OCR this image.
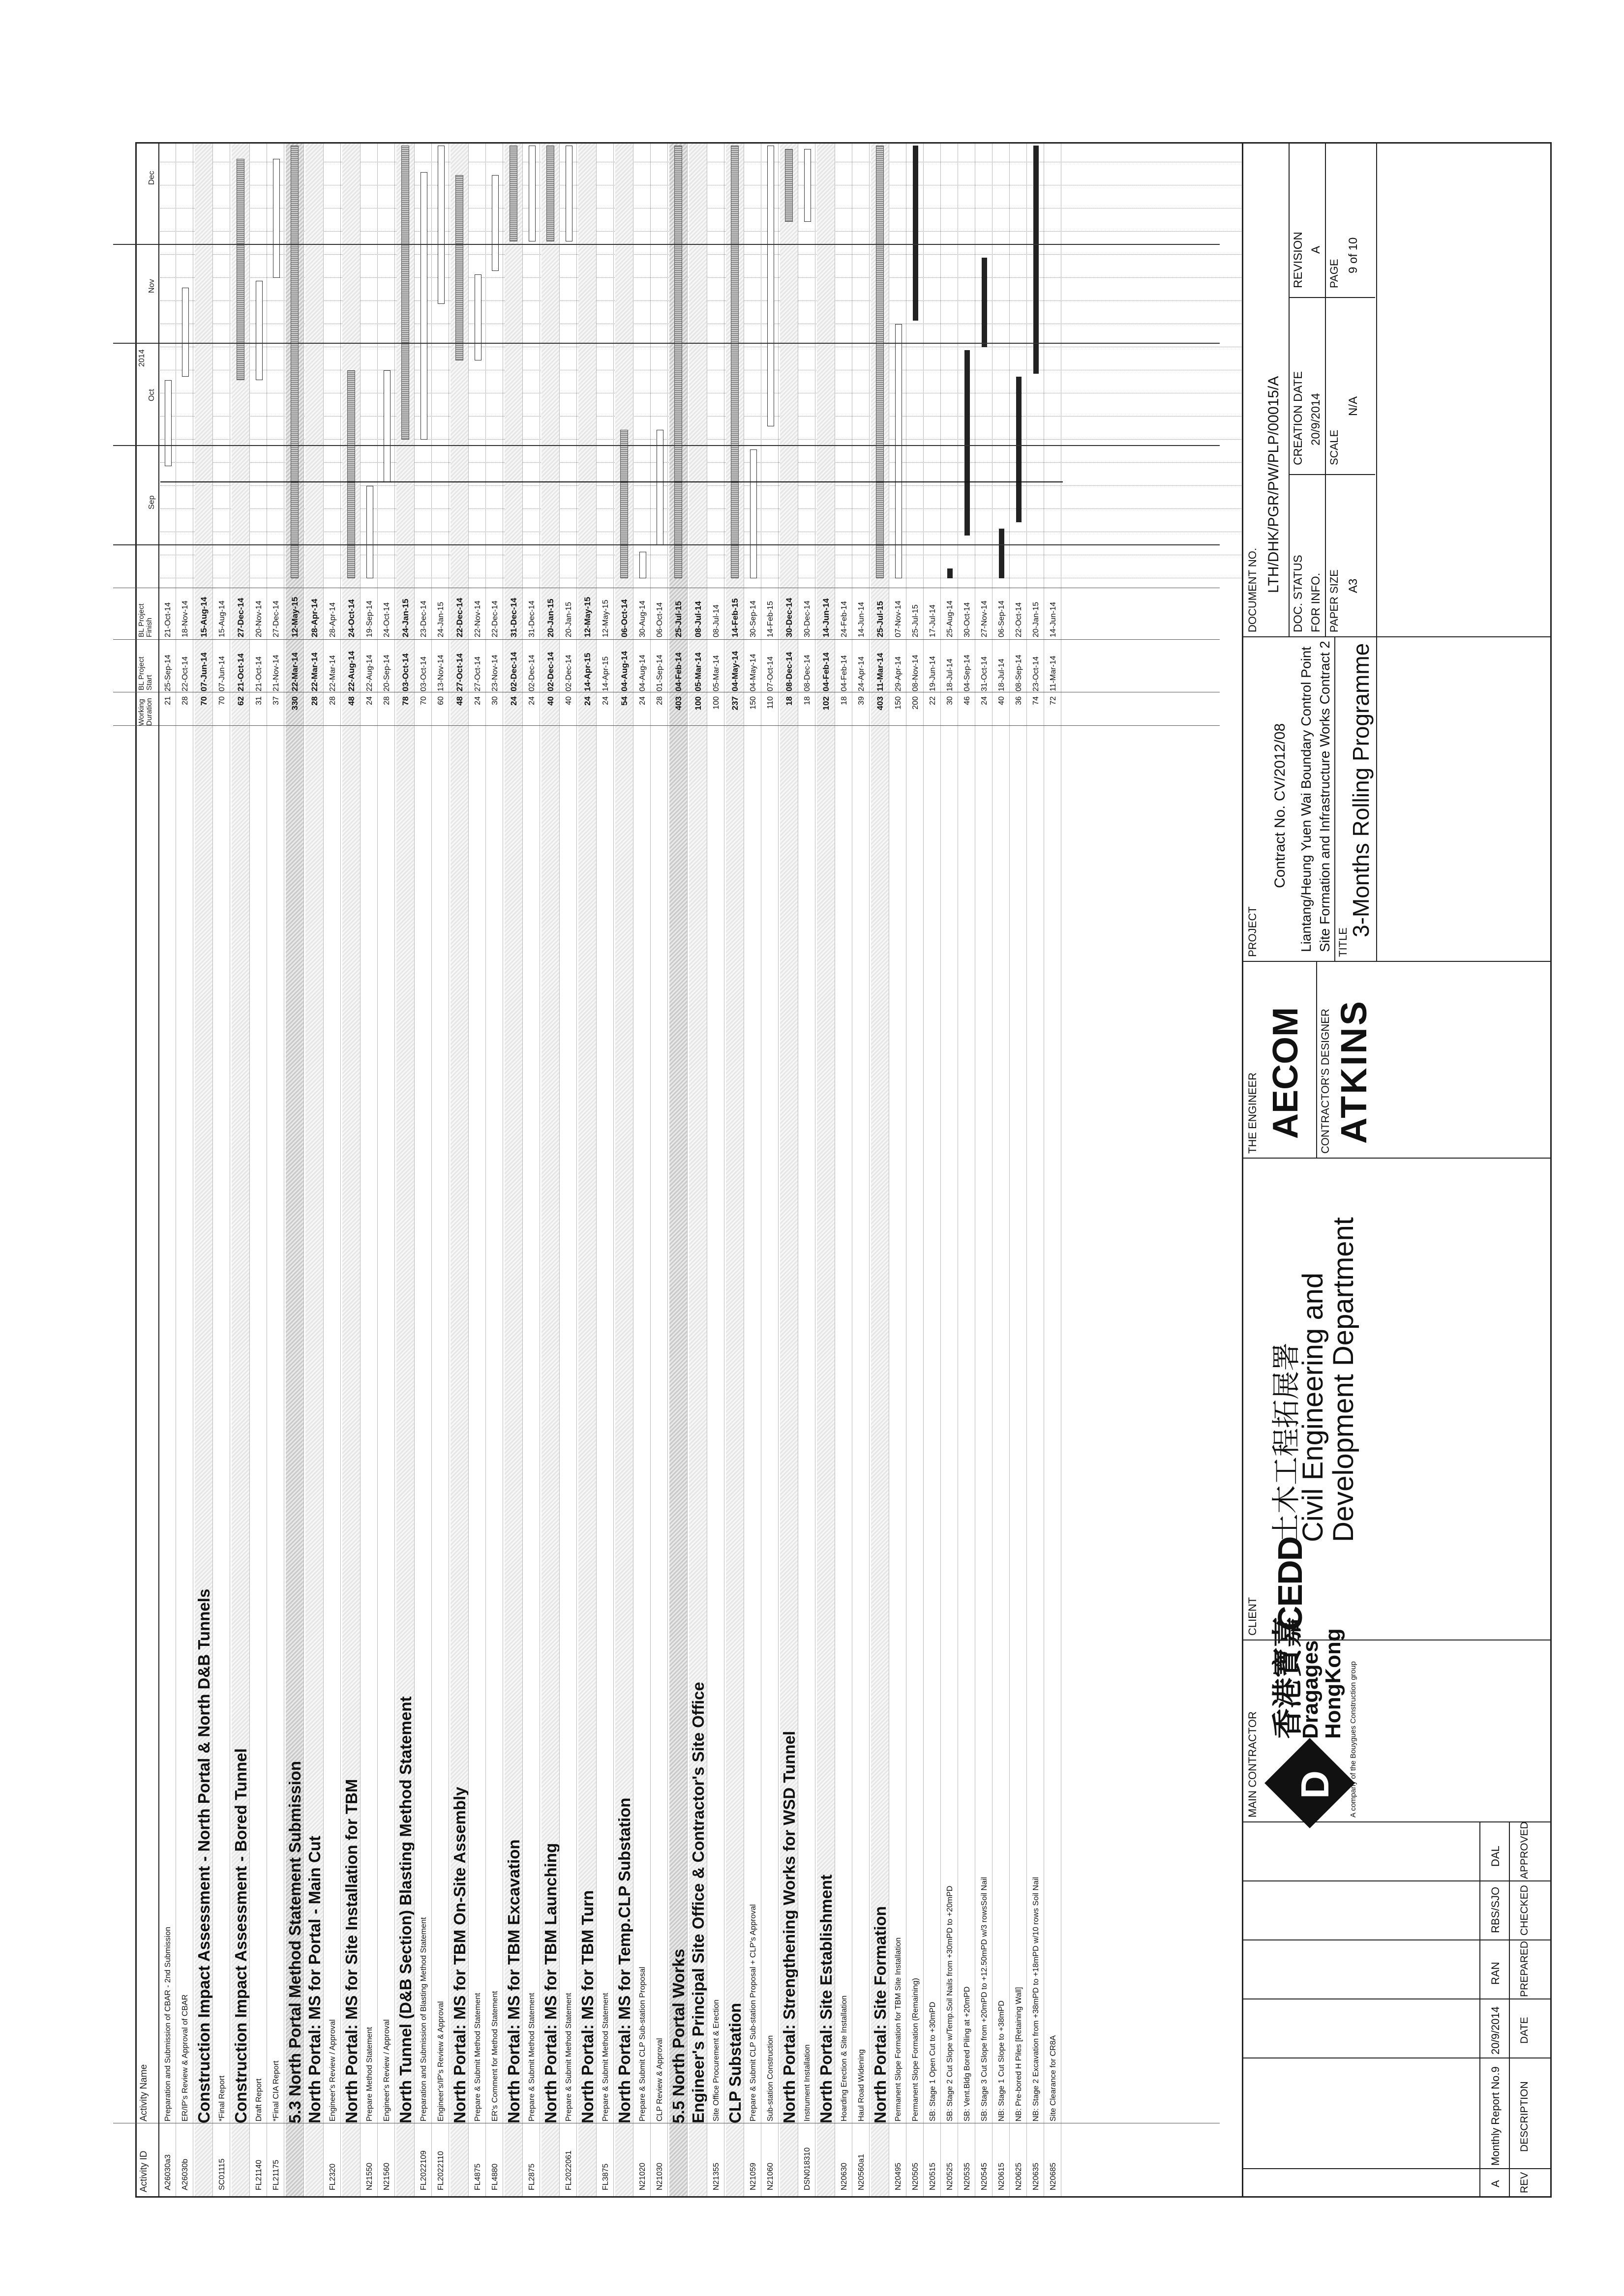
Activity ID
Activity Name
Working Duration
BL Project Start
BL Project Finish
2014
Sep
Oct
Nov
Dec
A26030a3
Preparation and Submission of CBAR - 2nd Submission
21
25-Sep-14
21-Oct-14
A26030b
ER/IP's Review & Approval of CBAR
28
22-Oct-14
18-Nov-14
Construction Impact Assessment - North Portal & North D&B Tunnels
70
07-Jun-14
15-Aug-14
SC01115
*Final Report
70
07-Jun-14
15-Aug-14
Construction Impact Assessment - Bored Tunnel
62
21-Oct-14
27-Dec-14
FL21140
Draft Report
31
21-Oct-14
20-Nov-14
FL21175
*Final CIA Report
37
21-Nov-14
27-Dec-14
5.3 North Portal Method Statement Submission
330
22-Mar-14
12-May-15
North Portal: MS for Portal - Main Cut
28
22-Mar-14
28-Apr-14
FL2320
Engineer's Review / Approval
28
22-Mar-14
28-Apr-14
North Portal: MS for Site Installation for TBM
48
22-Aug-14
24-Oct-14
N21550
Prepare Method Statement
24
22-Aug-14
19-Sep-14
N21560
Engineer's Review / Approval
28
20-Sep-14
24-Oct-14
North Tunnel (D&B Section) Blasting Method Statement
78
03-Oct-14
24-Jan-15
FL2022109
Preparation and Submission of Blasting Method Statement
70
03-Oct-14
23-Dec-14
FL2022110
Engineer's/IP's Review & Approval
60
13-Nov-14
24-Jan-15
North Portal: MS for TBM On-Site Assembly
48
27-Oct-14
22-Dec-14
FL4875
Prepare & Submit Method Statement
24
27-Oct-14
22-Nov-14
FL4880
ER's Comment for Method Statement
30
23-Nov-14
22-Dec-14
North Portal: MS for TBM Excavation
24
02-Dec-14
31-Dec-14
FL2875
Prepare & Submit Method Statement
24
02-Dec-14
31-Dec-14
North Portal: MS for TBM Launching
40
02-Dec-14
20-Jan-15
FL2022061
Prepare & Submit Method Statement
40
02-Dec-14
20-Jan-15
North Portal: MS for TBM Turn
24
14-Apr-15
12-May-15
FL3875
Prepare & Submit Method Statement
24
14-Apr-15
12-May-15
North Portal: MS for Temp.CLP Substation
54
04-Aug-14
06-Oct-14
N21020
Prepare & Submit CLP Sub-station Proposal
24
04-Aug-14
30-Aug-14
N21030
CLP Review & Approval
28
01-Sep-14
06-Oct-14
5.5 North Portal Works
403
04-Feb-14
25-Jul-15
Engineer's Principal Site Office & Contractor's Site Office
100
05-Mar-14
08-Jul-14
N21355
Site Office Procurement & Erection
100
05-Mar-14
08-Jul-14
CLP Substation
237
04-May-14
14-Feb-15
N21059
Prepare & Submit CLP Sub-station Proposal + CLP's Approval
150
04-May-14
30-Sep-14
N21060
Sub-station Construction
110
07-Oct-14
14-Feb-15
North Portal: Strengthening Works for WSD Tunnel
18
08-Dec-14
30-Dec-14
DSN018310
Instrument Installation
18
08-Dec-14
30-Dec-14
North Portal: Site Establishment
102
04-Feb-14
14-Jun-14
N20630
Hoarding Erection & Site Installation
18
04-Feb-14
24-Feb-14
N20560a1
Haul Road Widening
39
24-Apr-14
14-Jun-14
North Portal: Site Formation
403
11-Mar-14
25-Jul-15
N20495
Permanent Slope Formation for TBM Site Installation
150
29-Apr-14
07-Nov-14
N20505
Permanent Slope Formation (Remaining)
200
08-Nov-14
25-Jul-15
N20515
SB: Stage 1 Open Cut to +30mPD
22
19-Jun-14
17-Jul-14
N20525
SB: Stage 2 Cut Slope w/Temp.Soil Nails from +30mPD to +20mPD
30
18-Jul-14
25-Aug-14
N20535
SB: Vent.Bldg Bored Piling at +20mPD
46
04-Sep-14
30-Oct-14
N20545
SB: Stage 3 Cut Slope from +20mPD to +12.50mPD w/3 rowsSoil Nail
24
31-Oct-14
27-Nov-14
N20615
NB: Stage 1 Cut Slope to +38mPD
40
18-Jul-14
06-Sep-14
N20625
NB: Pre-bored H Piles [Retaining Wall]
36
08-Sep-14
22-Oct-14
N20635
NB: Stage 2 Excavation from +38mPD to +18mPD w/10 rows Soil Nail
74
23-Oct-14
20-Jan-15
N20685
Site Clearance for CR8A
72
11-Mar-14
14-Jun-14
A
Monthly Report No.9
20/9/2014
RAN
RBS/SJO
DAL
REV
DESCRIPTION
DATE
PREPARED
CHECKED
APPROVED
MAIN CONTRACTOR D
香港寶嘉
Dragages
HongKong A company of the Bouygues Construction group
CLIENT CEDD
土木工程拓展署
Civil Engineering and
Development Department
THE ENGINEER AECOM CONTRACTOR'S DESIGNER ATKINS
PROJECT
Contract No. CV/2012/08 Liantang/Heung Yuen Wai Boundary Control Point Site Formation and Infrastructure Works Contract 2 TITLE
3-Months Rolling Programme
DOCUMENT NO. LTH/DHK/PGR/PW/PLP/00015/A
DOC. STATUS FOR INFO.
CREATION DATE 20/9/2014
REVISION A
PAPER SIZE A3
SCALE
N/A
PAGE
9 of 10
